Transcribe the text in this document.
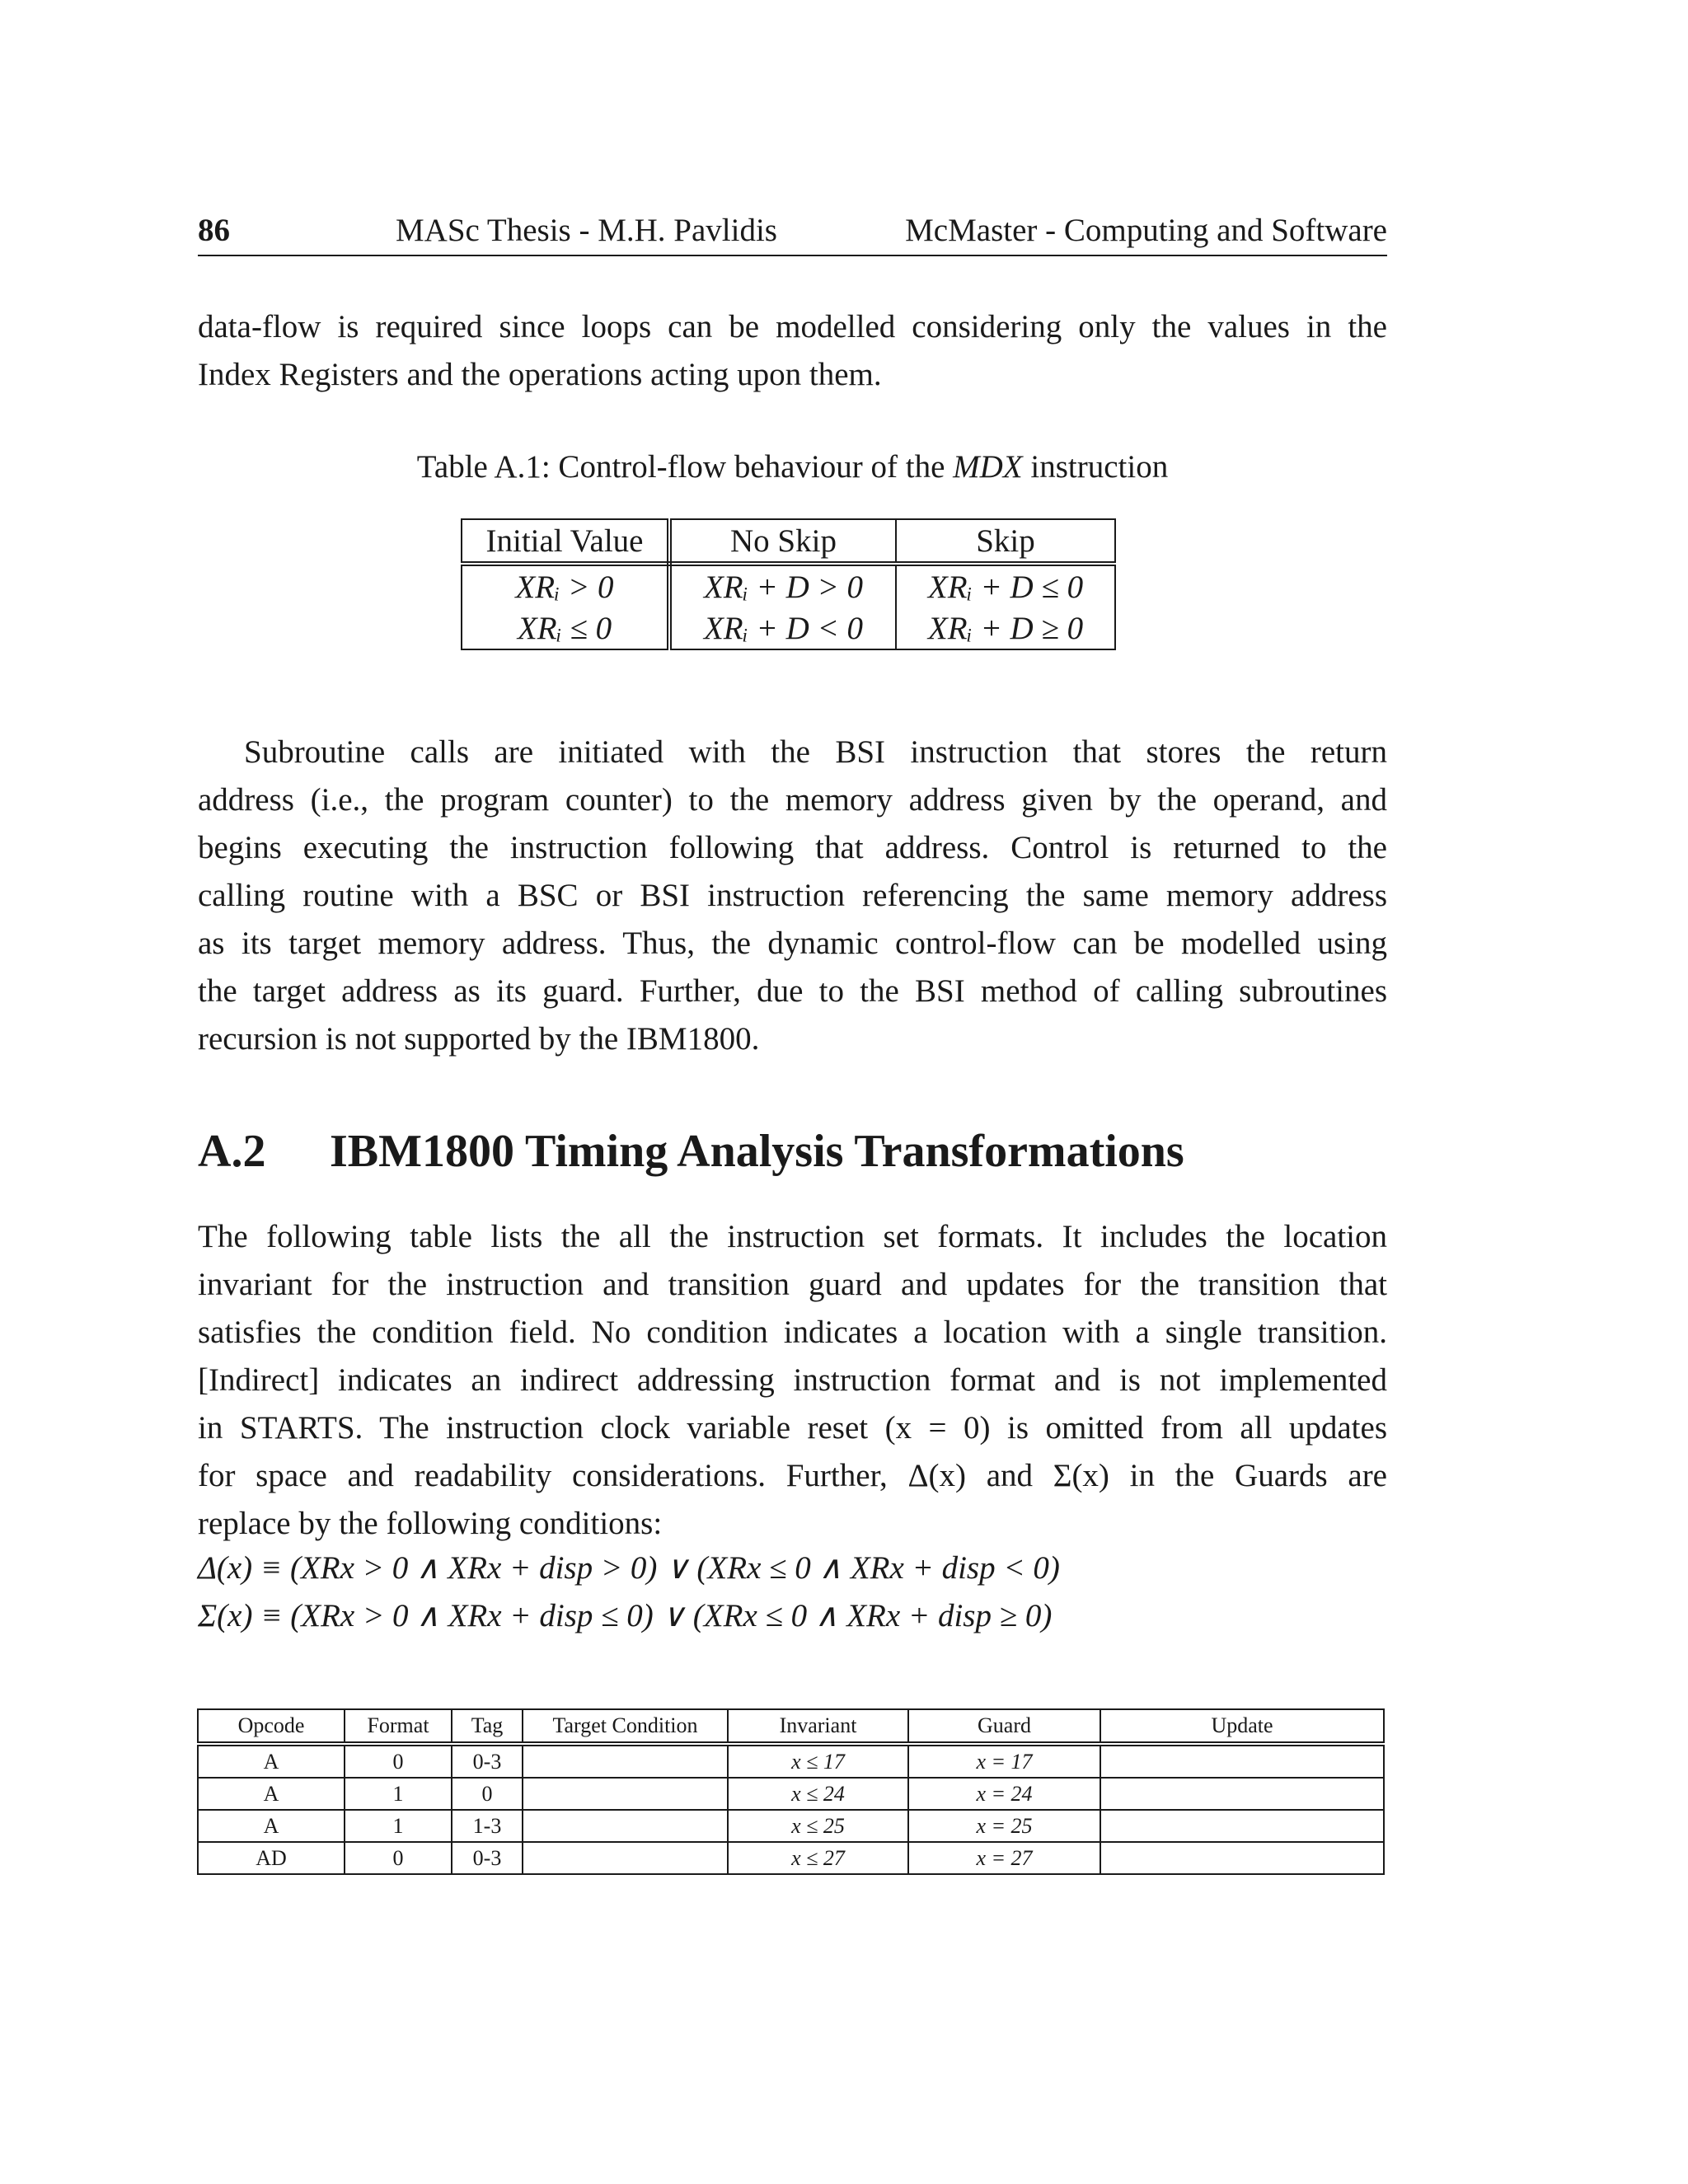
86	MASc Thesis - M.H. Pavlidis	McMaster - Computing and Software
data-flow is required since loops can be modelled considering only the values in the
Index Registers and the operations acting upon them.
Table A.1: Control-flow behaviour of the MDX instruction
Initial Value	No Skip	Skip
XRᵢ > 0	XRᵢ + D > 0	XRᵢ + D ≤ 0
XRᵢ ≤ 0	XRᵢ + D < 0	XRᵢ + D ≥ 0
Subroutine calls are initiated with the BSI instruction that stores the return
address (i.e., the program counter) to the memory address given by the operand, and
begins executing the instruction following that address. Control is returned to the
calling routine with a BSC or BSI instruction referencing the same memory address
as its target memory address. Thus, the dynamic control-flow can be modelled using
the target address as its guard. Further, due to the BSI method of calling subroutines
recursion is not supported by the IBM1800.
A.2 IBM1800 Timing Analysis Transformations
The following table lists the all the instruction set formats. It includes the location
invariant for the instruction and transition guard and updates for the transition that
satisfies the condition field. No condition indicates a location with a single transition.
[Indirect] indicates an indirect addressing instruction format and is not implemented
in STARTS. The instruction clock variable reset (x = 0) is omitted from all updates
for space and readability considerations. Further, Δ(x) and Σ(x) in the Guards are
replace by the following conditions:
Δ(x) ≡ (XRx > 0 ∧ XRx + disp > 0) ∨ (XRx ≤ 0 ∧ XRx + disp < 0)
Σ(x) ≡ (XRx > 0 ∧ XRx + disp ≤ 0) ∨ (XRx ≤ 0 ∧ XRx + disp ≥ 0)
Opcode	Format	Tag	Target Condition	Invariant	Guard	Update
A	0	0-3		x ≤ 17	x = 17	
A	1	0		x ≤ 24	x = 24	
A	1	1-3		x ≤ 25	x = 25	
AD	0	0-3		x ≤ 27	x = 27	
